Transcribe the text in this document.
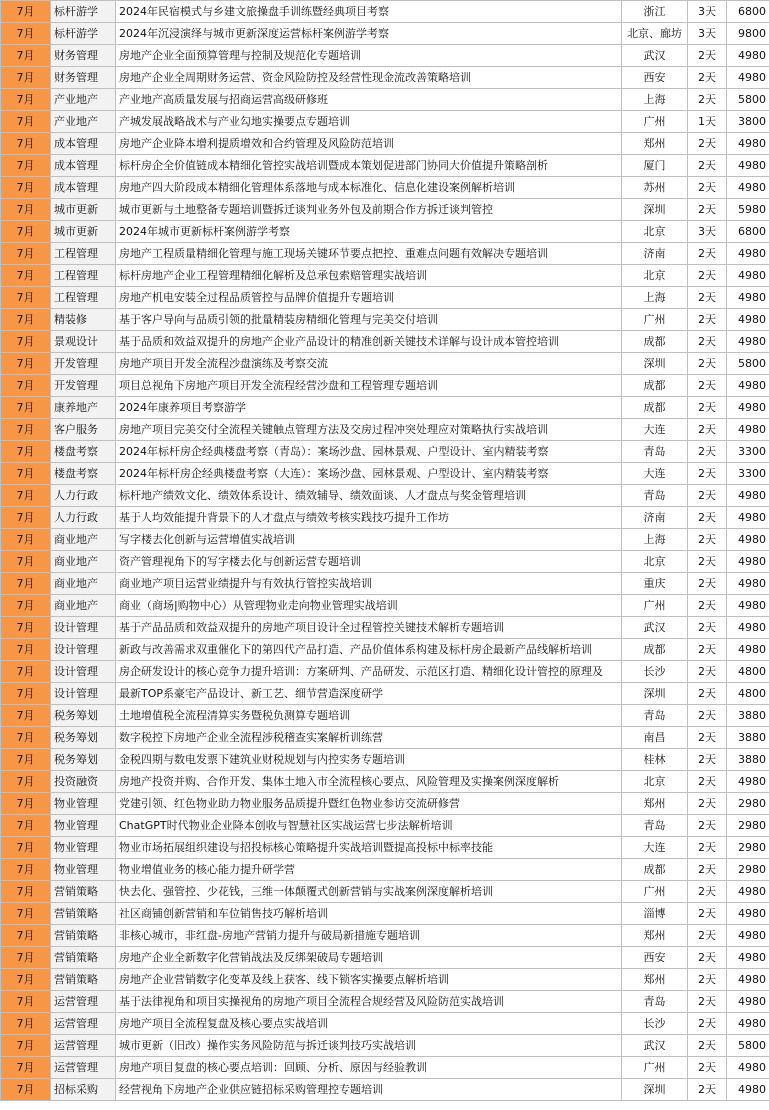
7月	标杆游学	2024年民宿模式与乡建文旅操盘手训练暨经典项目考察	浙江	3天	6800
7月	标杆游学	2024年沉浸演绎与城市更新深度运营标杆案例游学考察	北京、廊坊	3天	9800
7月	财务管理	房地产企业全面预算管理与控制及规范化专题培训	武汉	2天	4980
7月	财务管理	房地产企业全周期财务运营、资金风险防控及经营性现金流改善策略培训	西安	2天	4980
7月	产业地产	产业地产高质量发展与招商运营高级研修班	上海	2天	5800
7月	产业地产	产城发展战略战术与产业勾地实操要点专题培训	广州	1天	3800
7月	成本管理	房地产企业降本增利提质增效和合约管理及风险防范培训	郑州	2天	4980
7月	成本管理	标杆房企全价值链成本精细化管控实战培训暨成本策划促进部门协同大价值提升策略剖析	厦门	2天	4980
7月	成本管理	房地产四大阶段成本精细化管理体系落地与成本标准化、信息化建设案例解析培训	苏州	2天	4980
7月	城市更新	城市更新与土地整备专题培训暨拆迁谈判业务外包及前期合作方拆迁谈判管控	深圳	2天	5980
7月	城市更新	2024年城市更新标杆案例游学考察	北京	3天	6800
7月	工程管理	房地产工程质量精细化管理与施工现场关键环节要点把控、重难点问题有效解决专题培训	济南	2天	4980
7月	工程管理	标杆房地产企业工程管理精细化解析及总承包索赔管理实战培训	北京	2天	4980
7月	工程管理	房地产机电安装全过程品质管控与品牌价值提升专题培训	上海	2天	4980
7月	精装修	基于客户导向与品质引领的批量精装房精细化管理与完美交付培训	广州	2天	4980
7月	景观设计	基于品质和效益双提升的房地产企业产品设计的精准创新关键技术详解与设计成本管控培训	成都	2天	4980
7月	开发管理	房地产项目开发全流程沙盘演练及考察交流	深圳	2天	5800
7月	开发管理	项目总视角下房地产项目开发全流程经营沙盘和工程管理专题培训	成都	2天	4980
7月	康养地产	2024年康养项目考察游学	成都	2天	4980
7月	客户服务	房地产项目完美交付全流程关键触点管理方法及交房过程冲突处理应对策略执行实战培训	大连	2天	4980
7月	楼盘考察	2024年标杆房企经典楼盘考察（青岛）：案场沙盘、园林景观、户型设计、室内精装考察	青岛	2天	3300
7月	楼盘考察	2024年标杆房企经典楼盘考察（大连）：案场沙盘、园林景观、户型设计、室内精装考察	大连	2天	3300
7月	人力行政	标杆地产绩效文化、绩效体系设计、绩效辅导、绩效面谈、人才盘点与奖金管理培训	青岛	2天	4980
7月	人力行政	基于人均效能提升背景下的人才盘点与绩效考核实践技巧提升工作坊	济南	2天	4980
7月	商业地产	写字楼去化创新与运营增值实战培训	上海	2天	4980
7月	商业地产	资产管理视角下的写字楼去化与创新运营专题培训	北京	2天	4980
7月	商业地产	商业地产项目运营业绩提升与有效执行管控实战培训	重庆	2天	4980
7月	商业地产	商业（商场|购物中心）从管理物业走向物业管理实战培训	广州	2天	4980
7月	设计管理	基于产品品质和效益双提升的房地产项目设计全过程管控关键技术解析专题培训	武汉	2天	4980
7月	设计管理	新政与改善需求双重催化下的第四代产品打造、产品价值体系构建及标杆房企最新产品线解析培训	成都	2天	4980
7月	设计管理	房企研发设计的核心竞争力提升培训：方案研判、产品研发、示范区打造、精细化设计管控的原理及	长沙	2天	4800
7月	设计管理	最新TOP系豪宅产品设计、新工艺、细节营造深度研学	深圳	2天	4800
7月	税务筹划	土地增值税全流程清算实务暨税负测算专题培训	青岛	2天	3880
7月	税务筹划	数字税控下房地产企业全流程涉税稽查实案解析训练营	南昌	2天	3880
7月	税务筹划	金税四期与数电发票下建筑业财税规划与内控实务专题培训	桂林	2天	3880
7月	投资融资	房地产投资并购、合作开发、集体土地入市全流程核心要点、风险管理及实操案例深度解析	北京	2天	4980
7月	物业管理	党建引领、红色物业助力物业服务品质提升暨红色物业参访交流研修营	郑州	2天	2980
7月	物业管理	ChatGPT时代物业企业降本创收与智慧社区实战运营七步法解析培训	青岛	2天	2980
7月	物业管理	物业市场拓展组织建设与招投标核心策略提升实战培训暨提高投标中标率技能	大连	2天	2980
7月	物业管理	物业增值业务的核心能力提升研学营	成都	2天	2980
7月	营销策略	快去化、强管控、少花钱，三维一体颠覆式创新营销与实战案例深度解析培训	广州	2天	4980
7月	营销策略	社区商铺创新营销和车位销售技巧解析培训	淄博	2天	4980
7月	营销策略	非核心城市，非红盘-房地产营销力提升与破局新措施专题培训	郑州	2天	4980
7月	营销策略	房地产企业全新数字化营销战法及反绑架破局专题培训	西安	2天	4980
7月	营销策略	房地产企业营销数字化变革及线上获客、线下锁客实操要点解析培训	郑州	2天	4980
7月	运营管理	基于法律视角和项目实操视角的房地产项目全流程合规经营及风险防范实战培训	青岛	2天	4980
7月	运营管理	房地产项目全流程复盘及核心要点实战培训	长沙	2天	4980
7月	运营管理	城市更新（旧改）操作实务风险防范与拆迁谈判技巧实战培训	武汉	2天	5800
7月	运营管理	房地产项目复盘的核心要点培训：回顾、分析、原因与经验教训	广州	2天	4980
7月	招标采购	经营视角下房地产企业供应链招标采购管理控专题培训	深圳	2天	4980
